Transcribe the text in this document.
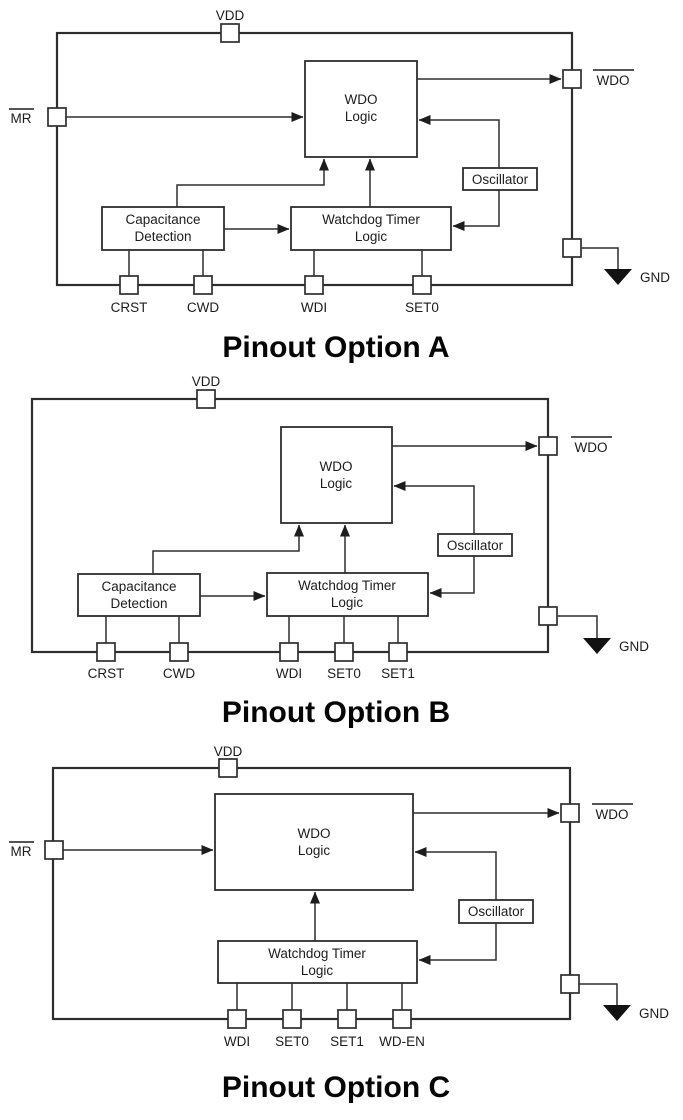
WDO
Logic
Oscillator
Capacitance
Detection
Watchdog Timer
Logic
VDD
MR
WDO
GND
CRST	CWD	WDI	SET0
Pinout Option A
WDO
Logic
Oscillator
Capacitance
Detection
Watchdog Timer
Logic
VDD
WDO
GND
CRST	CWD	WDI SET0 SET1
Pinout Option B
WDO
Logic
Oscillator
Watchdog Timer
Logic
VDD
MR
WDO
GND
WDI SET0 SET1 WD-EN
Pinout Option C
